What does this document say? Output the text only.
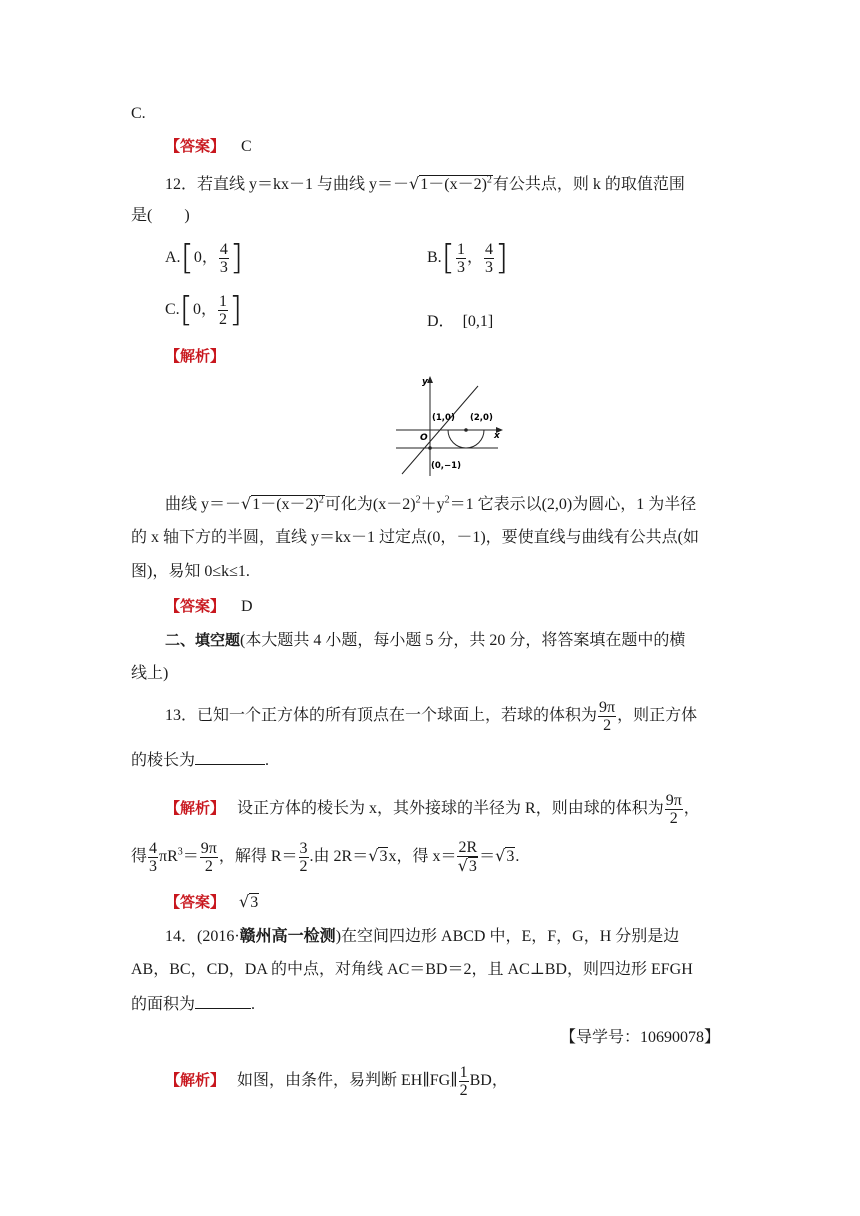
C.
【答案】 C
12．若直线 y＝kx－1 与曲线 $y=-√1-(x-2)^2$有公共点，则 k 的取值范围
是(　　)
A.[0， $\frac{4}{3}$ ]	$B.[ \frac{1}{3}$ ， $\frac{4}{3}$ ]
C.[0， $\frac{1}{2}$ ]	D． [0,1]
【解析】
y
x
O
(1,0) (2,0)
(0,−1)
曲线 $y=-√1-(x-2)^2$可化为$(x-2)^2+y^2=1$ 它表示以(2,0)为圆心，1 为半径
的 x 轴下方的半圆，直线 y＝kx－1 过定点(0，－1)，要使直线与曲线有公共点(如
图)，易知 0≤k≤1.
【答案】 D
二、填空题(本大题共 4 小题，每小题 5 分，共 20 分，将答案填在题中的横
线上)
13．已知一个正方体的所有顶点在一个球面上，若球的体积为 $\frac{9\pi}{2}$ ，则正方体
的棱长为	.
【解析】 设正方体的棱长为 x，其外接球的半径为 R，则由球的体积为 $\frac{9\pi}{2}$ ，
得 $\frac{4}{3} \pi R^3= \frac{9\pi}{2}$ ，解得 $R= \frac{3}{2}$ .由 2R＝√3x，得 $x= \frac{2R}{√3} =√3$.
【答案】 √3
14．(2016·赣州高一检测)在空间四边形 ABCD 中，E，F，G，H 分别是边
AB，BC，CD，DA 的中点，对角线 AC＝BD＝2，且 AC⊥BD，则四边形 EFGH
的面积为	.
【导学号：10690078】
【解析】 如图，由条件，易判断 EH∥FG∥ $\frac{1}{2}$ BD，
